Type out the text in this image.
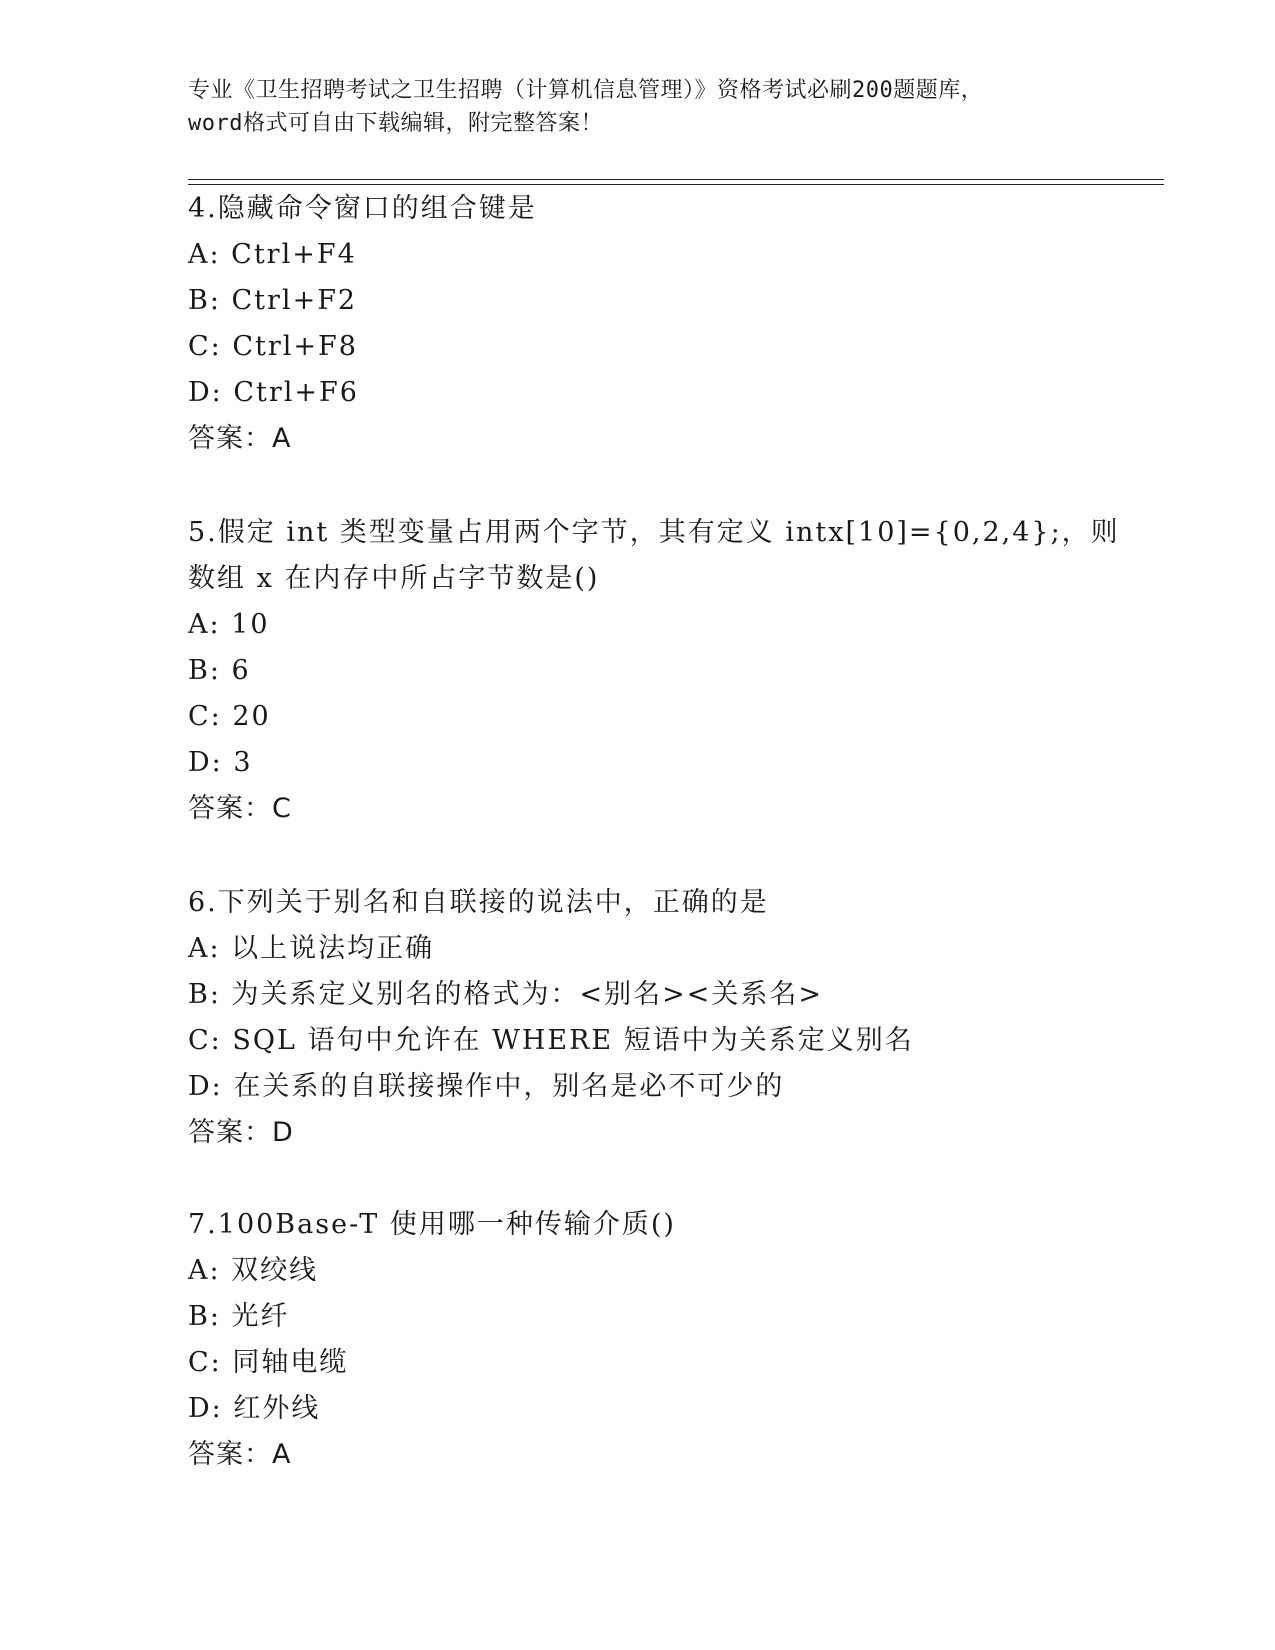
专业《卫生招聘考试之卫生招聘（计算机信息管理）》资格考试必刷200题题库，
word格式可自由下载编辑，附完整答案！
4.隐藏命令窗口的组合键是
A: Ctrl+F4
B: Ctrl+F2
C: Ctrl+F8
D: Ctrl+F6
答案：A
5.假定 int 类型变量占用两个字节，其有定义 intx[10]={0,2,4};，则
数组 x 在内存中所占字节数是()
A: 10
B: 6
C: 20
D: 3
答案：C
6.下列关于别名和自联接的说法中，正确的是
A: 以上说法均正确
B: 为关系定义别名的格式为：<别名><关系名>
C: SQL 语句中允许在 WHERE 短语中为关系定义别名
D: 在关系的自联接操作中，别名是必不可少的
答案：D
7.100Base-T 使用哪一种传输介质()
A: 双绞线
B: 光纤
C: 同轴电缆
D: 红外线
答案：A
